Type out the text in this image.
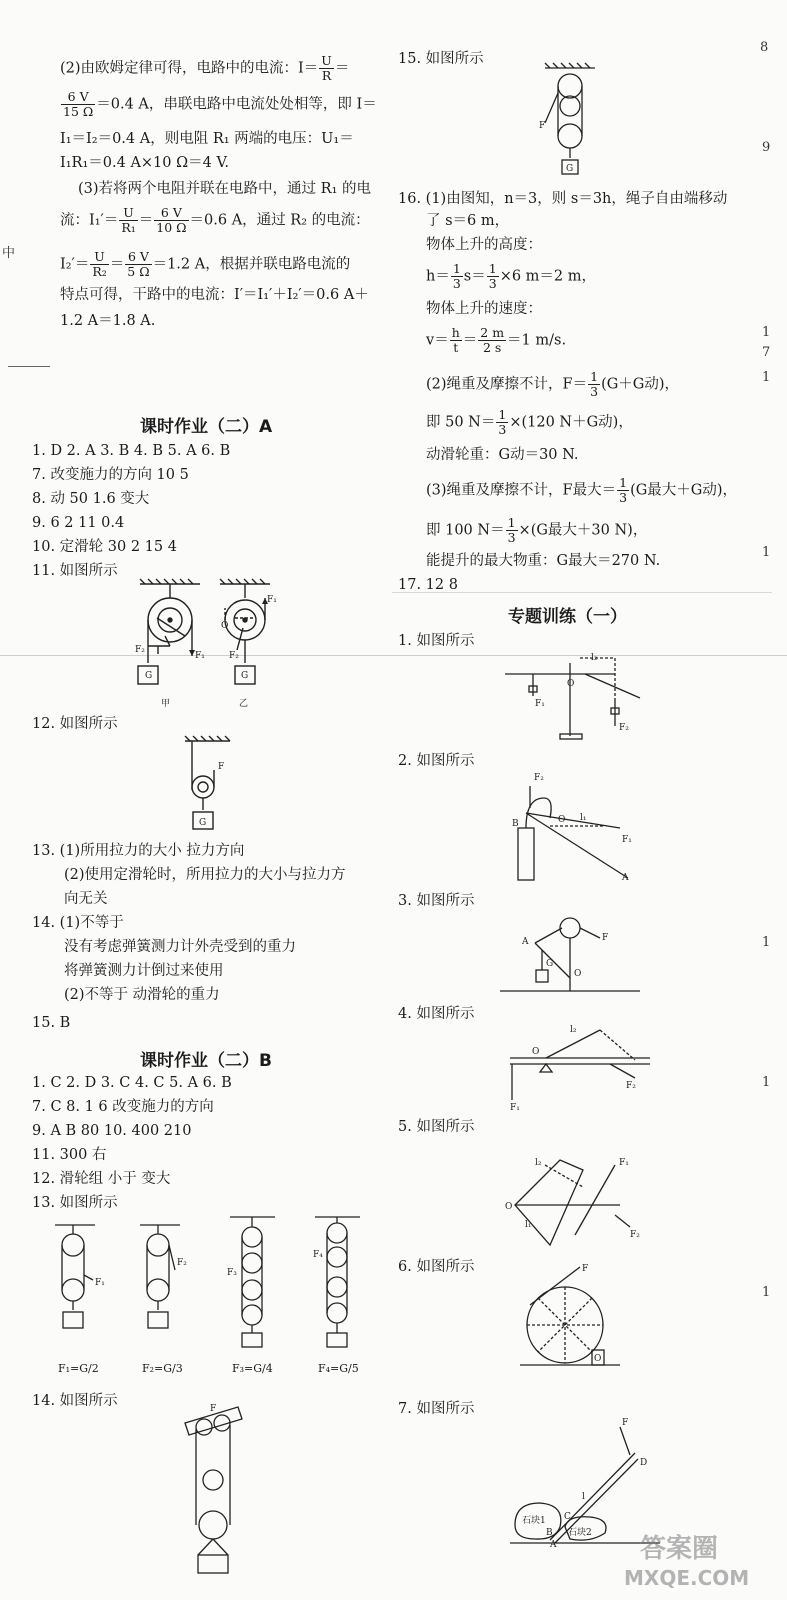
中
8
9
1
7
1
1
1
1
1
(2)由欧姆定律可得，电路中的电流：$I= \frac{U}{R}$ ＝
$\frac{6 V}{15 \Omega} =0.4$ A，串联电路中电流处处相等，即 I＝
I₁＝I₂＝0.4 A，则电阻 R₁ 两端的电压：U₁＝
I₁R₁＝0.4 A×10 Ω＝4 V.
(3)若将两个电阻并联在电路中，通过 R₁ 的电
流：$I_1'= \frac{U}{\text{R₁}} = \frac{6 V}{10 \Omega} =0.6$ A，通过 R₂ 的电流：
$I_2'= \frac{U}{\text{R₂}} = \frac{6 V}{5 \Omega} =1.2$ A，根据并联电路电流的
特点可得，干路中的电流：I′＝I₁′＋I₂′＝0.6 A＋
1.2 A＝1.8 A.
课时作业（二）A
1. D 2. A 3. B 4. B 5. A 6. B
7. 改变施力的方向 10 5
8. 动 50 1.6 变大
9. 6 2 11 0.4
10. 定滑轮 30 2 15 4
11. 如图所示
G	G
F₂
F₁
F₁
O
F₂
甲	乙
12. 如图所示
F
G
13. (1)所用拉力的大小 拉力方向
(2)使用定滑轮时，所用拉力的大小与拉力方
向无关
14. (1)不等于
没有考虑弹簧测力计外壳受到的重力
将弹簧测力计倒过来使用
(2)不等于 动滑轮的重力
15. B
课时作业（二）B
1. C 2. D 3. C 4. C 5. A 6. B
7. C 8. 1 6 改变施力的方向
9. A B 80 10. 400 210
11. 300 右
12. 滑轮组 小于 变大
13. 如图所示
F₁
F₂
F₃
F₄
F₁=G/2	F₂=G/3	F₃=G/4	F₄=G/5
14. 如图所示	F
15. 如图所示
F
G
16. (1)由图知，n＝3，则 s＝3h，绳子自由端移动
了 s＝6 m，
物体上升的高度：
$h= \frac{1}{3} s= \frac{1}{3} \times 6$ m＝2 m，
物体上升的速度：
$v= \frac{h}{t} = \frac{2 m}{2 s} =1$ m/s.
(2)绳重及摩擦不计，$F= \frac{1}{3} (G+G$动)，
即 50 $N= \frac{1}{3} \times(120$ N＋G动)，
动滑轮重：G动＝30 N.
(3)绳重及摩擦不计，F最大＝ $\frac{1}{3} (G$最大＋G动)，
即 100 $N= \frac{1}{3} \times(G$最大＋30 N)，
能提升的最大物重：G最大＝270 N.
17. 12 8
专题训练（一）
1. 如图所示
O
l₂
F₁
F₂
2. 如图所示
F₂
B	O l₁
F₁
A
3. 如图所示
A	F
G
O
4. 如图所示
O
l₂
F₂
F₁
5. 如图所示
l₂
O
l₁
F₁
F₂
6. 如图所示	F
O
7. 如图所示
石块1
石块2
F
D
C
B
A
l
答案圈
MXQE.COM
